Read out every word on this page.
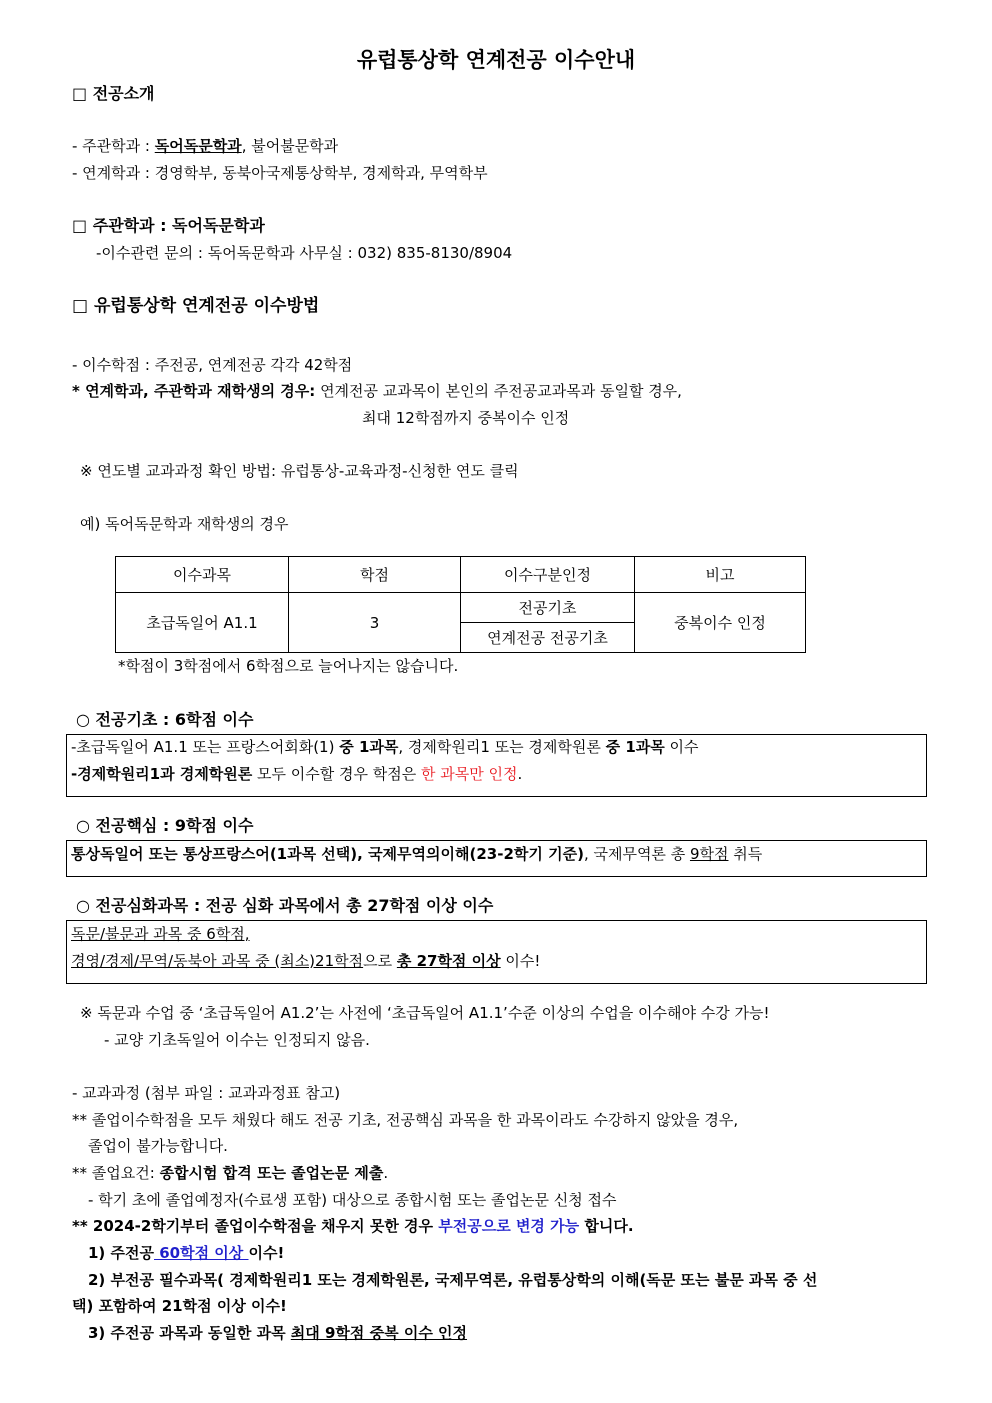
유럽통상학 연계전공 이수안내
□ 전공소개
- 주관학과 : 독어독문학과, 불어불문학과
- 연계학과 : 경영학부, 동북아국제통상학부, 경제학과, 무역학부
□ 주관학과 : 독어독문학과
-이수관련 문의 : 독어독문학과 사무실 : 032) 835-8130/8904
□ 유럽통상학 연계전공 이수방법
- 이수학점 : 주전공, 연계전공 각각 42학점
* 연계학과, 주관학과 재학생의 경우: 연계전공 교과목이 본인의 주전공교과목과 동일할 경우,
최대 12학점까지 중복이수 인정
※ 연도별 교과과정 확인 방법: 유럽통상-교육과정-신청한 연도 클릭
예) 독어독문학과 재학생의 경우
이수과목	학점	이수구분인정	비고
초급독일어 A1.1	3	전공기초	중복이수 인정
		연계전공 전공기초	
*학점이 3학점에서 6학점으로 늘어나지는 않습니다.
○ 전공기초 : 6학점 이수
-초급독일어 A1.1 또는 프랑스어회화(1) 중 1과목, 경제학원리1 또는 경제학원론 중 1과목 이수
-경제학원리1과 경제학원론 모두 이수할 경우 학점은 한 과목만 인정.
○ 전공핵심 : 9학점 이수
통상독일어 또는 통상프랑스어(1과목 선택), 국제무역의이해(23-2학기 기준), 국제무역론 총 9학점 취득
○ 전공심화과목 : 전공 심화 과목에서 총 27학점 이상 이수
독문/불문과 과목 중 6학점,
경영/경제/무역/동북아 과목 중 (최소)21학점으로 총 27학점 이상 이수!
※ 독문과 수업 중 ‘초급독일어 A1.2’는 사전에 ‘초급독일어 A1.1’수준 이상의 수업을 이수해야 수강 가능!
- 교양 기초독일어 이수는 인정되지 않음.
- 교과과정 (첨부 파일 : 교과과정표 참고)
** 졸업이수학점을 모두 채웠다 해도 전공 기초, 전공핵심 과목을 한 과목이라도 수강하지 않았을 경우,
졸업이 불가능합니다.
** 졸업요건: 종합시험 합격 또는 졸업논문 제출.
- 학기 초에 졸업예정자(수료생 포함) 대상으로 종합시험 또는 졸업논문 신청 접수
** 2024-2학기부터 졸업이수학점을 채우지 못한 경우 부전공으로 변경 가능 합니다.
1) 주전공 60학점 이상 이수!
2) 부전공 필수과목( 경제학원리1 또는 경제학원론, 국제무역론, 유럽통상학의 이해(독문 또는 불문 과목 중 선
택) 포함하여 21학점 이상 이수!
3) 주전공 과목과 동일한 과목 최대 9학점 중복 이수 인정
